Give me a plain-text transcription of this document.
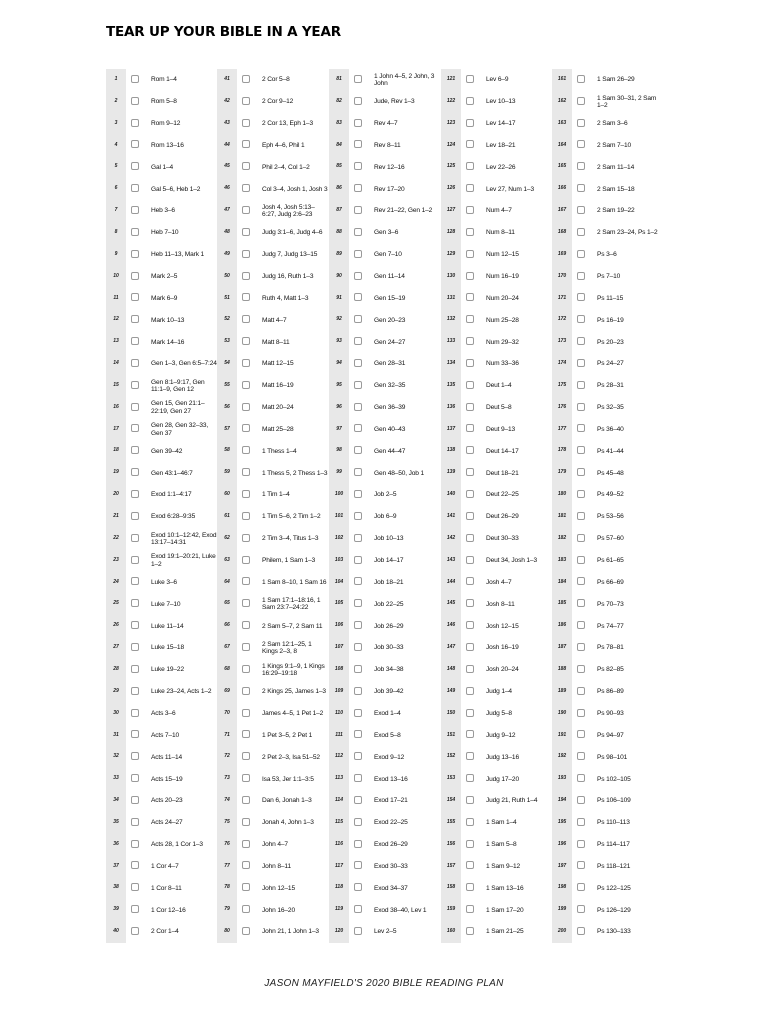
TEAR UP YOUR BIBLE IN A YEAR
1	Rom 1–4
2	Rom 5–8
3	Rom 9–12
4	Rom 13–16
5	Gal 1–4
6	Gal 5–6, Heb 1–2
7	Heb 3–6
8	Heb 7–10
9	Heb 11–13, Mark 1
10	Mark 2–5
11	Mark 6–9
12	Mark 10–13
13	Mark 14–16
14	Gen 1–3, Gen 6:5–7:24
15	Gen 8:1–9:17, Gen 11:1–9, Gen 12
16	Gen 15, Gen 21:1–22:19, Gen 27
17	Gen 28, Gen 32–33, Gen 37
18	Gen 39–42
19	Gen 43:1–46:7
20	Exod 1:1–4:17
21	Exod 6:28–9:35
22	Exod 10:1–12:42, Exod 13:17–14:31
23	Exod 19:1–20:21, Luke 1–2
24	Luke 3–6
25	Luke 7–10
26	Luke 11–14
27	Luke 15–18
28	Luke 19–22
29	Luke 23–24, Acts 1–2
30	Acts 3–6
31	Acts 7–10
32	Acts 11–14
33	Acts 15–19
34	Acts 20–23
35	Acts 24–27
36	Acts 28, 1 Cor 1–3
37	1 Cor 4–7
38	1 Cor 8–11
39	1 Cor 12–16
40	2 Cor 1–4
41	2 Cor 5–8
42	2 Cor 9–12
43	2 Cor 13, Eph 1–3
44	Eph 4–6, Phil 1
45	Phil 2–4, Col 1–2
46	Col 3–4, Josh 1, Josh 3
47	Josh 4, Josh 5:13–6:27, Judg 2:6–23
48	Judg 3:1–6, Judg 4–6
49	Judg 7, Judg 13–15
50	Judg 16, Ruth 1–3
51	Ruth 4, Matt 1–3
52	Matt 4–7
53	Matt 8–11
54	Matt 12–15
55	Matt 16–19
56	Matt 20–24
57	Matt 25–28
58	1 Thess 1–4
59	1 Thess 5, 2 Thess 1–3
60	1 Tim 1–4
61	1 Tim 5–6, 2 Tim 1–2
62	2 Tim 3–4, Titus 1–3
63	Philem, 1 Sam 1–3
64	1 Sam 8–10, 1 Sam 16
65	1 Sam 17:1–18:16, 1 Sam 23:7–24:22
66	2 Sam 5–7, 2 Sam 11
67	2 Sam 12:1–25, 1 Kings 2–3, 8
68	1 Kings 9:1–9, 1 Kings 16:29–19:18
69	2 Kings 25, James 1–3
70	James 4–5, 1 Pet 1–2
71	1 Pet 3–5, 2 Pet 1
72	2 Pet 2–3, Isa 51–52
73	Isa 53, Jer 1:1–3:5
74	Dan 6, Jonah 1–3
75	Jonah 4, John 1–3
76	John 4–7
77	John 8–11
78	John 12–15
79	John 16–20
80	John 21, 1 John 1–3
81	1 John 4–5, 2 John, 3 John
82	Jude, Rev 1–3
83	Rev 4–7
84	Rev 8–11
85	Rev 12–16
86	Rev 17–20
87	Rev 21–22, Gen 1–2
88	Gen 3–6
89	Gen 7–10
90	Gen 11–14
91	Gen 15–19
92	Gen 20–23
93	Gen 24–27
94	Gen 28–31
95	Gen 32–35
96	Gen 36–39
97	Gen 40–43
98	Gen 44–47
99	Gen 48–50, Job 1
100	Job 2–5
101	Job 6–9
102	Job 10–13
103	Job 14–17
104	Job 18–21
105	Job 22–25
106	Job 26–29
107	Job 30–33
108	Job 34–38
109	Job 39–42
110	Exod 1–4
111	Exod 5–8
112	Exod 9–12
113	Exod 13–16
114	Exod 17–21
115	Exod 22–25
116	Exod 26–29
117	Exod 30–33
118	Exod 34–37
119	Exod 38–40, Lev 1
120	Lev 2–5
121	Lev 6–9
122	Lev 10–13
123	Lev 14–17
124	Lev 18–21
125	Lev 22–26
126	Lev 27, Num 1–3
127	Num 4–7
128	Num 8–11
129	Num 12–15
130	Num 16–19
131	Num 20–24
132	Num 25–28
133	Num 29–32
134	Num 33–36
135	Deut 1–4
136	Deut 5–8
137	Deut 9–13
138	Deut 14–17
139	Deut 18–21
140	Deut 22–25
141	Deut 26–29
142	Deut 30–33
143	Deut 34, Josh 1–3
144	Josh 4–7
145	Josh 8–11
146	Josh 12–15
147	Josh 16–19
148	Josh 20–24
149	Judg 1–4
150	Judg 5–8
151	Judg 9–12
152	Judg 13–16
153	Judg 17–20
154	Judg 21, Ruth 1–4
155	1 Sam 1–4
156	1 Sam 5–8
157	1 Sam 9–12
158	1 Sam 13–16
159	1 Sam 17–20
160	1 Sam 21–25
161	1 Sam 26–29
162	1 Sam 30–31, 2 Sam 1–2
163	2 Sam 3–6
164	2 Sam 7–10
165	2 Sam 11–14
166	2 Sam 15–18
167	2 Sam 19–22
168	2 Sam 23–24, Ps 1–2
169	Ps 3–6
170	Ps 7–10
171	Ps 11–15
172	Ps 16–19
173	Ps 20–23
174	Ps 24–27
175	Ps 28–31
176	Ps 32–35
177	Ps 36–40
178	Ps 41–44
179	Ps 45–48
180	Ps 49–52
181	Ps 53–56
182	Ps 57–60
183	Ps 61–65
184	Ps 66–69
185	Ps 70–73
186	Ps 74–77
187	Ps 78–81
188	Ps 82–85
189	Ps 86–89
190	Ps 90–93
191	Ps 94–97
192	Ps 98–101
193	Ps 102–105
194	Ps 106–109
195	Ps 110–113
196	Ps 114–117
197	Ps 118–121
198	Ps 122–125
199	Ps 126–129
200	Ps 130–133
JASON MAYFIELD'S 2020 BIBLE READING PLAN
